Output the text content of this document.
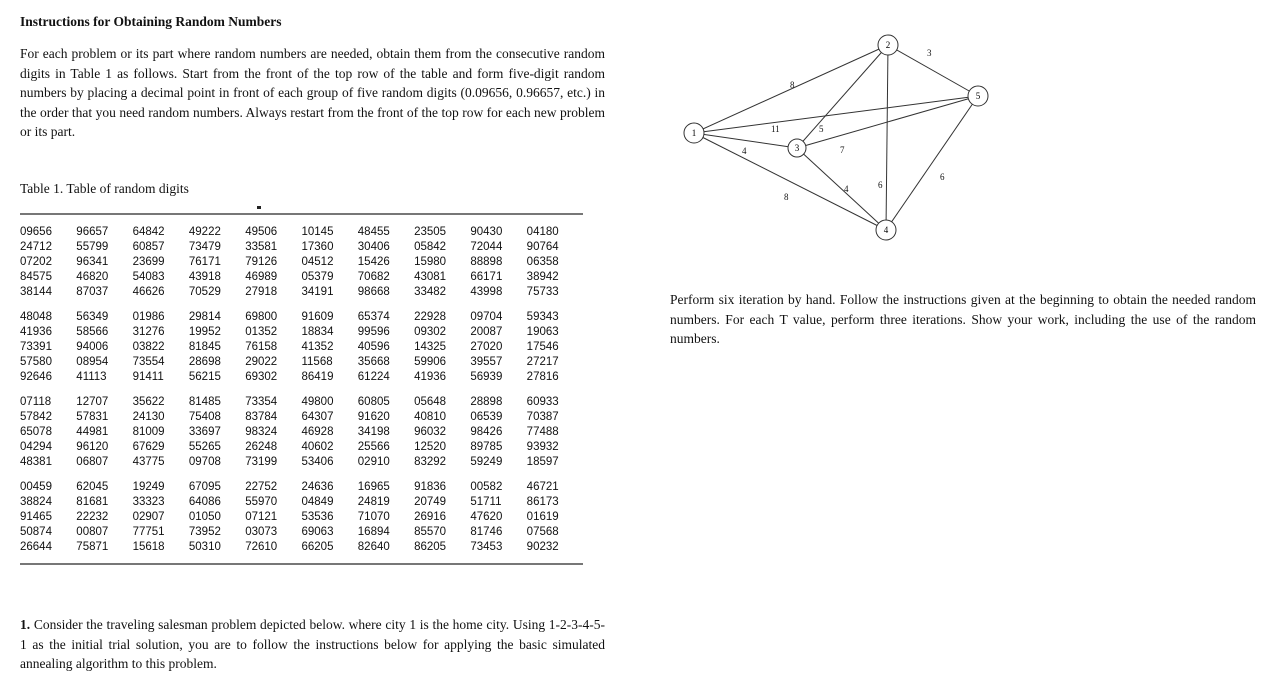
Instructions for Obtaining Random Numbers
For each problem or its part where random numbers are needed, obtain them from the consecutive random digits in Table 1 as follows. Start from the front of the top row of the table and form five-digit random numbers by placing a decimal point in front of each group of five random digits (0.09656, 0.96657, etc.) in the order that you need random numbers. Always restart from the front of the top row for each new problem or its part.
Table 1. Table of random digits
09656	96657	64842	49222	49506	10145	48455	23505	90430	04180
24712	55799	60857	73479	33581	17360	30406	05842	72044	90764
07202	96341	23699	76171	79126	04512	15426	15980	88898	06358
84575	46820	54083	43918	46989	05379	70682	43081	66171	38942
38144	87037	46626	70529	27918	34191	98668	33482	43998	75733
48048	56349	01986	29814	69800	91609	65374	22928	09704	59343
41936	58566	31276	19952	01352	18834	99596	09302	20087	19063
73391	94006	03822	81845	76158	41352	40596	14325	27020	17546
57580	08954	73554	28698	29022	11568	35668	59906	39557	27217
92646	41113	91411	56215	69302	86419	61224	41936	56939	27816
07118	12707	35622	81485	73354	49800	60805	05648	28898	60933
57842	57831	24130	75408	83784	64307	91620	40810	06539	70387
65078	44981	81009	33697	98324	46928	34198	96032	98426	77488
04294	96120	67629	55265	26248	40602	25566	12520	89785	93932
48381	06807	43775	09708	73199	53406	02910	83292	59249	18597
00459	62045	19249	67095	22752	24636	16965	91836	00582	46721
38824	81681	33323	64086	55970	04849	24819	20749	51711	86173
91465	22232	02907	01050	07121	53536	71070	26916	47620	01619
50874	00807	77751	73952	03073	69063	16894	85570	81746	07568
26644	75871	15618	50310	72610	66205	82640	86205	73453	90232
1. Consider the traveling salesman problem depicted below. where city 1 is the home city. Using 1-2-3-4-5-1 as the initial trial solution, you are to follow the instructions below for applying the basic simulated annealing algorithm to this problem.
8
4
8
11	5
6
3
4
7
6
1
2
3
4
5
Perform six iteration by hand. Follow the instructions given at the beginning to obtain the needed random numbers. For each T value, perform three iterations. Show your work, including the use of the random numbers.
